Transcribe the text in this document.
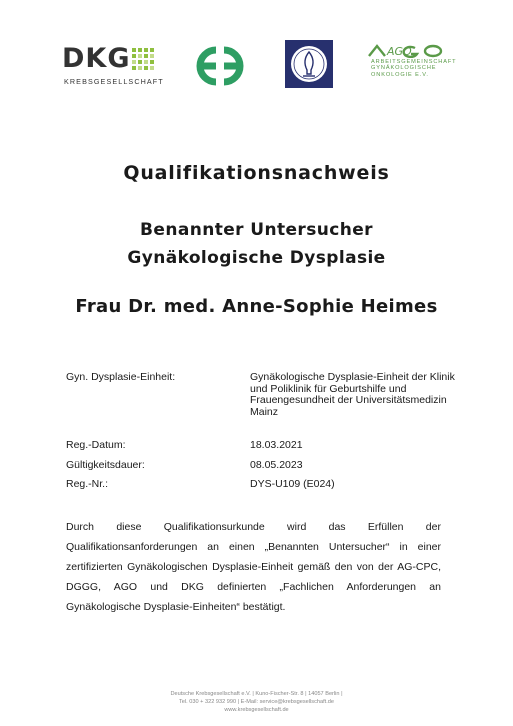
DKG
KREBSGESELLSCHAFT
AGO
ARBEITSGEMEINSCHAFT
GYNÄKOLOGISCHE
ONKOLOGIE E.V.
Qualifikationsnachweis
Benannter Untersucher
Gynäkologische Dysplasie
Frau Dr. med. Anne-Sophie Heimes
Gyn. Dysplasie-Einheit:	Gynäkologische Dysplasie-Einheit der Klinik und Poliklinik für Geburtshilfe und Frauengesundheit der Universitätsmedizin Mainz
Reg.-Datum:	18.03.2021
Gültigkeitsdauer:	08.05.2023
Reg.-Nr.:	DYS-U109 (E024)

Durch diese Qualifikationsurkunde wird das Erfüllen der Qualifikationsanforderungen an einen „Benannten Untersucher“ in einer zertifizierten Gynäkologischen Dysplasie-Einheit gemäß den von der AG-CPC, DGGG, AGO und DKG definierten „Fachlichen Anforderungen an Gynäkologische Dysplasie-Einheiten“ bestätigt.

Deutsche Krebsgesellschaft e.V. | Kuno-Fischer-Str. 8 | 14057 Berlin |
Tel. 030 + 322 932 990 | E-Mail: service@krebsgesellschaft.de
www.krebsgesellschaft.de
